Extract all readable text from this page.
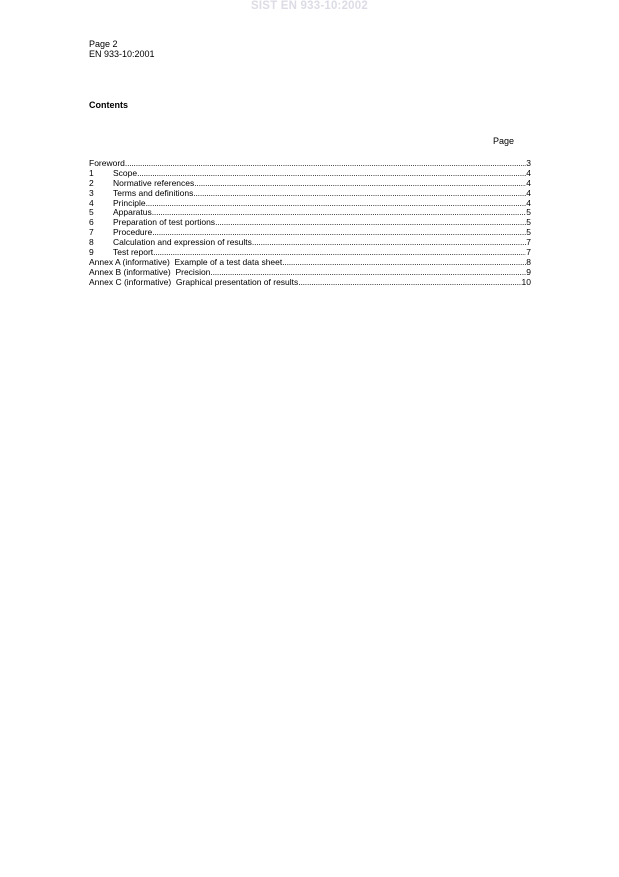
SIST EN 933-10:2002
Page 2
EN 933-10:2001
Contents
Page
Foreword .....	3
1	Scope .....	4
2	Normative references .....	4
3	Terms and definitions .....	4
4	Principle .....	4
5	Apparatus .....	5
6	Preparation of test portions .....	5
7	Procedure .....	5
8	Calculation and expression of results .....	7
9	Test report .....	7
Annex A (informative)  Example of a test data sheet .....	8
Annex B (informative)  Precision .....	9
Annex C (informative)  Graphical presentation of results .....	10
